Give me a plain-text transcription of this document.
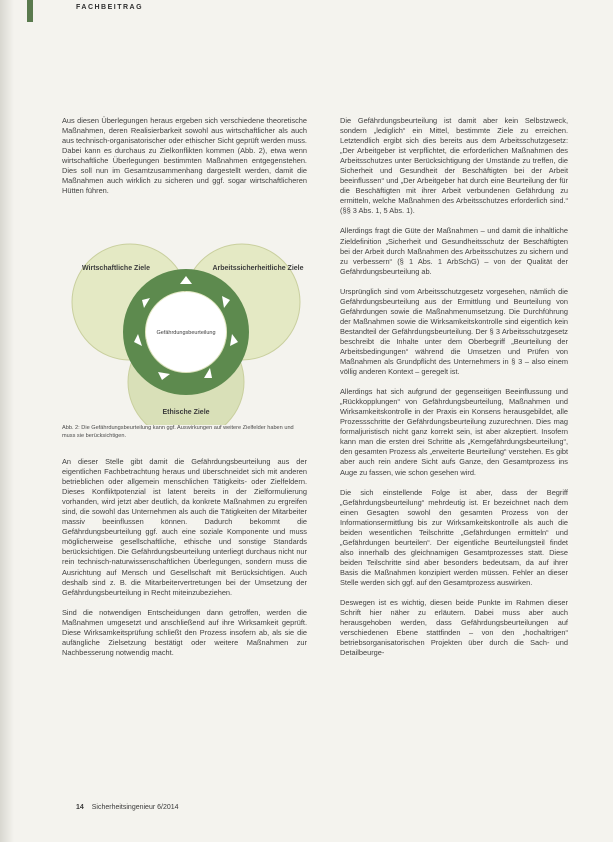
FACHBEITRAG

Aus diesen Überlegungen heraus ergeben sich verschiedene theoretische Maßnahmen, deren Realisierbarkeit sowohl aus wirtschaftlicher als auch aus technisch-organisatorischer oder ethischer Sicht geprüft werden muss. Dabei kann es durchaus zu Zielkonflikten kommen (Abb. 2), etwa wenn wirtschaftliche Überlegungen bestimmten Maßnahmen entgegenstehen. Dies soll nun im Gesamtzusammenhang dargestellt werden, damit die Maßnahmen auch wirklich zu sicheren und ggf. sogar wirtschaftlicheren Hütten führen.

Wirtschaftliche Ziele	Arbeitssicherheitliche Ziele
Ethische Ziele
Gefährdungsbeurteilung
Abb. 2: Die Gefährdungsbeurteilung kann ggf. Auswirkungen auf weitere Zielfelder haben und muss sie berücksichtigen.

An dieser Stelle gibt damit die Gefährdungsbeurteilung aus der eigentlichen Fachbetrachtung heraus und überschneidet sich mit anderen betrieblichen oder allgemein menschlichen Tätigkeits- oder Zielfeldern. Dieses Konfliktpotenzial ist latent bereits in der Zielformulierung vorhanden, wird jetzt aber deutlich, da konkrete Maßnahmen zu ergreifen sind, die sowohl das Unternehmen als auch die Tätigkeiten der Mitarbeiter massiv beeinflussen können. Dadurch bekommt die Gefährdungsbeurteilung ggf. auch eine soziale Komponente und muss möglicherweise gesellschaftliche, ethische und sonstige Standards berücksichtigen. Die Gefährdungsbeurteilung unterliegt durchaus nicht nur rein technisch-naturwissenschaftlichen Überlegungen, sondern muss die Ausrichtung auf Mensch und Gesellschaft mit Berücksichtigen. Auch deshalb sind z. B. die Mitarbeitervertretungen bei der Umsetzung der Gefährdungsbeurteilung in Recht miteinzubeziehen.

Sind die notwendigen Entscheidungen dann getroffen, werden die Maßnahmen umgesetzt und anschließend auf ihre Wirksamkeit geprüft. Diese Wirksamkeitsprüfung schließt den Prozess insofern ab, als sie die aufängliche Zielsetzung bestätigt oder weitere Maßnahmen zur Nachbesserung notwendig macht.

Die Gefährdungsbeurteilung ist damit aber kein Selbstzweck, sondern „lediglich“ ein Mittel, bestimmte Ziele zu erreichen. Letztendlich ergibt sich dies bereits aus dem Arbeitsschutzgesetz: „Der Arbeitgeber ist verpflichtet, die erforderlichen Maßnahmen des Arbeitsschutzes unter Berücksichtigung der Umstände zu treffen, die Sicherheit und Gesundheit der Beschäftigten bei der Arbeit beeinflussen“ und „Der Arbeitgeber hat durch eine Beurteilung der für die Beschäftigten mit ihrer Arbeit verbundenen Gefährdung zu ermitteln, welche Maßnahmen des Arbeitsschutzes erforderlich sind.“ (§§ 3 Abs. 1, 5 Abs. 1).

Allerdings fragt die Güte der Maßnahmen – und damit die inhaltliche Zieldefinition „Sicherheit und Gesundheitsschutz der Beschäftigten bei der Arbeit durch Maßnahmen des Arbeitsschutzes zu sichern und zu verbessern“ (§ 1 Abs. 1 ArbSchG) – von der Qualität der Gefährdungsbeurteilung ab.

Ursprünglich sind vom Arbeitsschutzgesetz vorgesehen, nämlich die Gefährdungsbeurteilung aus der Ermittlung und Beurteilung von Gefährdungen sowie die Maßnahmenumsetzung. Die Durchführung der Maßnahmen sowie die Wirksamkeitskontrolle sind eigentlich kein Bestandteil der Gefährdungsbeurteilung. Der § 3 Arbeitsschutzgesetz beschreibt die Inhalte unter dem Oberbegriff „Beurteilung der Arbeitsbedingungen“ während die Umsetzen und Prüfen von Maßnahmen als Grundpflicht des Unternehmers in § 3 – also einem völlig anderen Kontext – geregelt ist.

Allerdings hat sich aufgrund der gegenseitigen Beeinflussung und „Rückkopplungen“ von Gefährdungsbeurteilung, Maßnahmen und Wirksamkeitskontrolle in der Praxis ein Konsens herausgebildet, alle Prozessschritte der Gefährdungsbeurteilung zuzurechnen. Dies mag formaljuristisch nicht ganz korrekt sein, ist aber akzeptiert. Insofern kann man die ersten drei Schritte als „Kerngefährdungsbeurteilung“, den gesamten Prozess als „erweiterte Beurteilung“ verstehen. Es gibt aber auch rein andere Sicht aufs Ganze, den Gesamtprozess ins Auge zu fassen, wie schon gesehen wird.

Die sich einstellende Folge ist aber, dass der Begriff „Gefährdungsbeurteilung“ mehrdeutig ist. Er bezeichnet nach dem einen Gesagten sowohl den gesamten Prozess von der Informationsermittlung bis zur Wirksamkeitskontrolle als auch die beiden wesentlichen Teilschritte „Gefährdungen ermitteln“ und „Gefährdungen beurteilen“. Der eigentliche Beurteilungsteil findet also innerhalb des gleichnamigen Gesamtprozesses statt. Diese beiden Teilschritte sind aber besonders bedeutsam, da auf ihrer Basis die Maßnahmen konzipiert werden müssen. Fehler an dieser Stelle werden sich ggf. auf den Gesamtprozess auswirken.

Deswegen ist es wichtig, diesen beide Punkte im Rahmen dieser Schrift hier näher zu erläutern. Dabei muss aber auch herausgehoben werden, dass Gefährdungsbeurteilungen auf verschiedenen Ebene stattfinden – von den „hochaltrigen“ betriebsorganisatorischen Projekten über durch die Sach- und Detailbeurge-

14 Sicherheitsingenieur 6/2014
